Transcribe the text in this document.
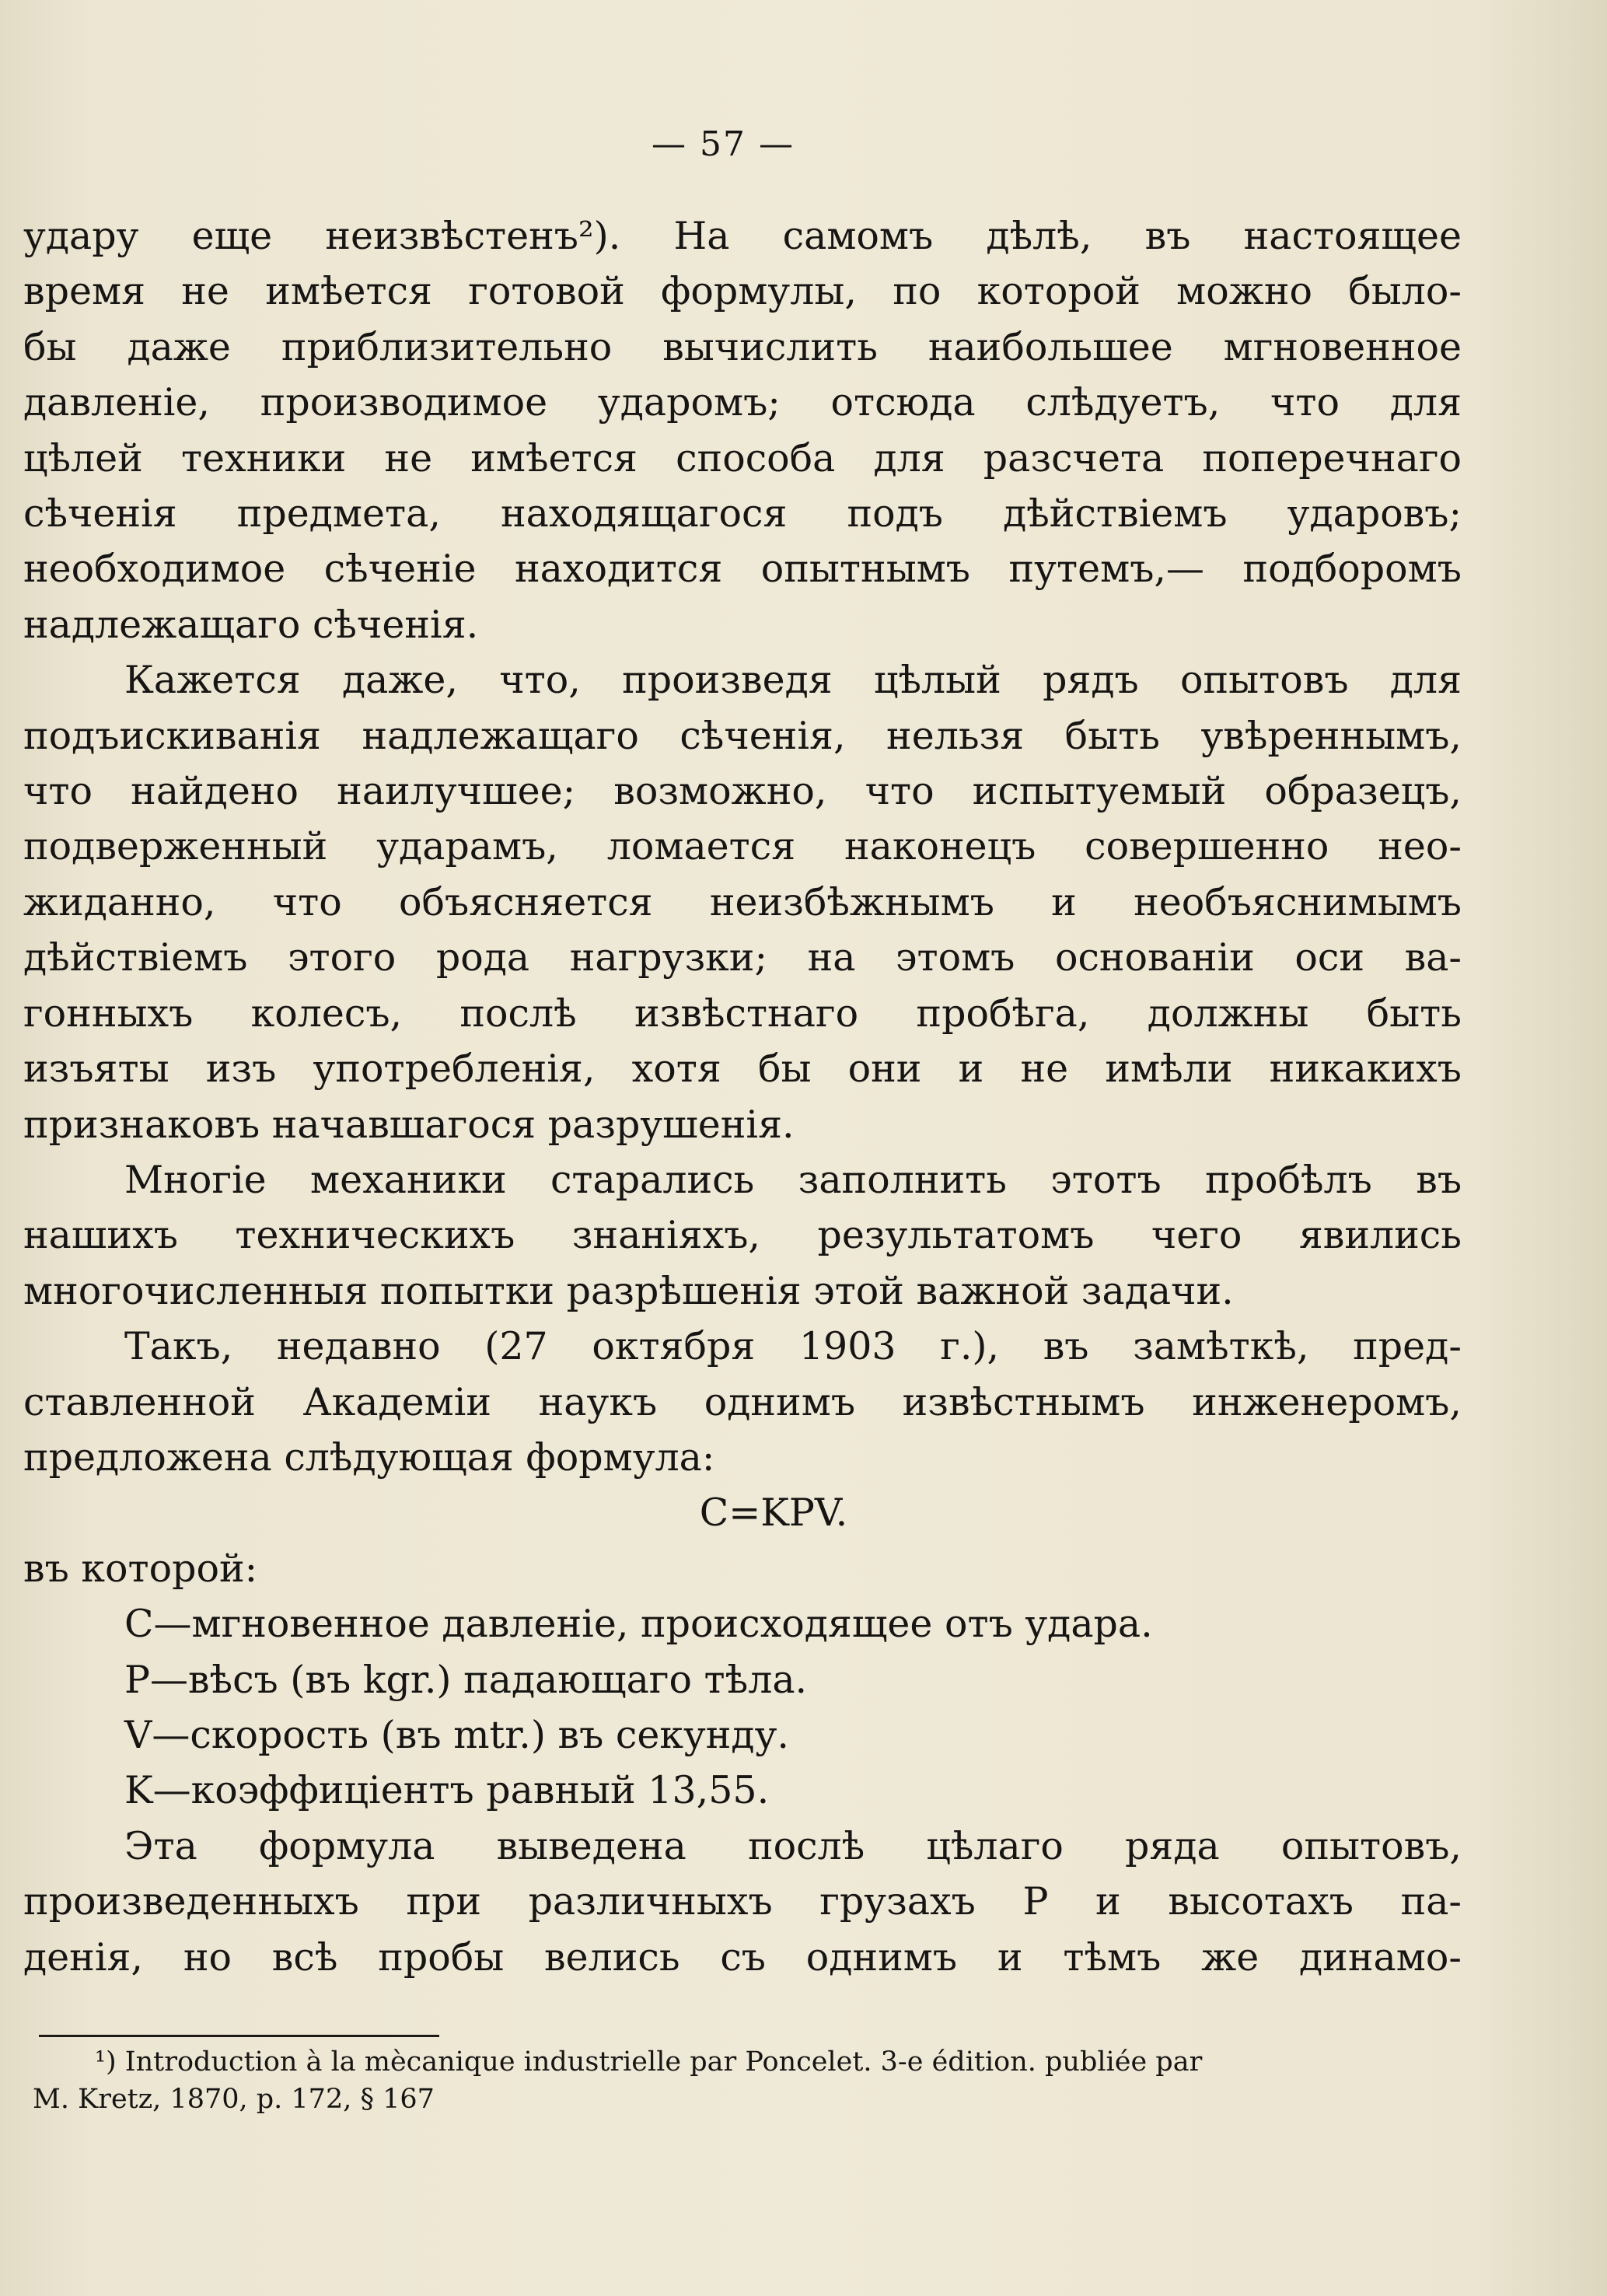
— 57 —
удару еще неизвѣстенъ²). На самомъ дѣлѣ, въ настоящее
время не имѣется готовой формулы, по которой можно было-
бы даже приблизительно вычислить наибольшее мгновенное
давленіе, производимое ударомъ; отсюда слѣдуетъ, что для
цѣлей техники не имѣется способа для разсчета поперечнаго
сѣченія предмета, находящагося подъ дѣйствіемъ ударовъ;
необходимое сѣченіе находится опытнымъ путемъ,— подборомъ
надлежащаго сѣченія.
Кажется даже, что, произведя цѣлый рядъ опытовъ для
подъискиванія надлежащаго сѣченія, нельзя быть увѣреннымъ,
что найдено наилучшее; возможно, что испытуемый образецъ,
подверженный ударамъ, ломается наконецъ совершенно нео-
жиданно, что объясняется неизбѣжнымъ и необъяснимымъ
дѣйствіемъ этого рода нагрузки; на этомъ основаніи оси ва-
гонныхъ колесъ, послѣ извѣстнаго пробѣга, должны быть
изъяты изъ употребленія, хотя бы они и не имѣли никакихъ
признаковъ начавшагося разрушенія.
Многіе механики старались заполнить этотъ пробѣлъ въ
нашихъ техническихъ знаніяхъ, результатомъ чего явились
многочисленныя попытки разрѣшенія этой важной задачи.
Такъ, недавно (27 октября 1903 г.), въ замѣткѣ, пред-
ставленной Академіи наукъ однимъ извѣстнымъ инженеромъ,
предложена слѣдующая формула:
C=KPV.
въ которой:
C—мгновенное давленіе, происходящее отъ удара.
P—вѣсъ (въ kgr.) падающаго тѣла.
V—скорость (въ mtr.) въ секунду.
K—коэффиціентъ равный 13,55.
Эта формула выведена послѣ цѣлаго ряда опытовъ,
произведенныхъ при различныхъ грузахъ P и высотахъ па-
денія, но всѣ пробы велись съ однимъ и тѣмъ же динамо-
¹) Introduction à la mècanique industrielle par Poncelet. 3-e édition. publiée par
M. Kretz, 1870, p. 172, § 167
